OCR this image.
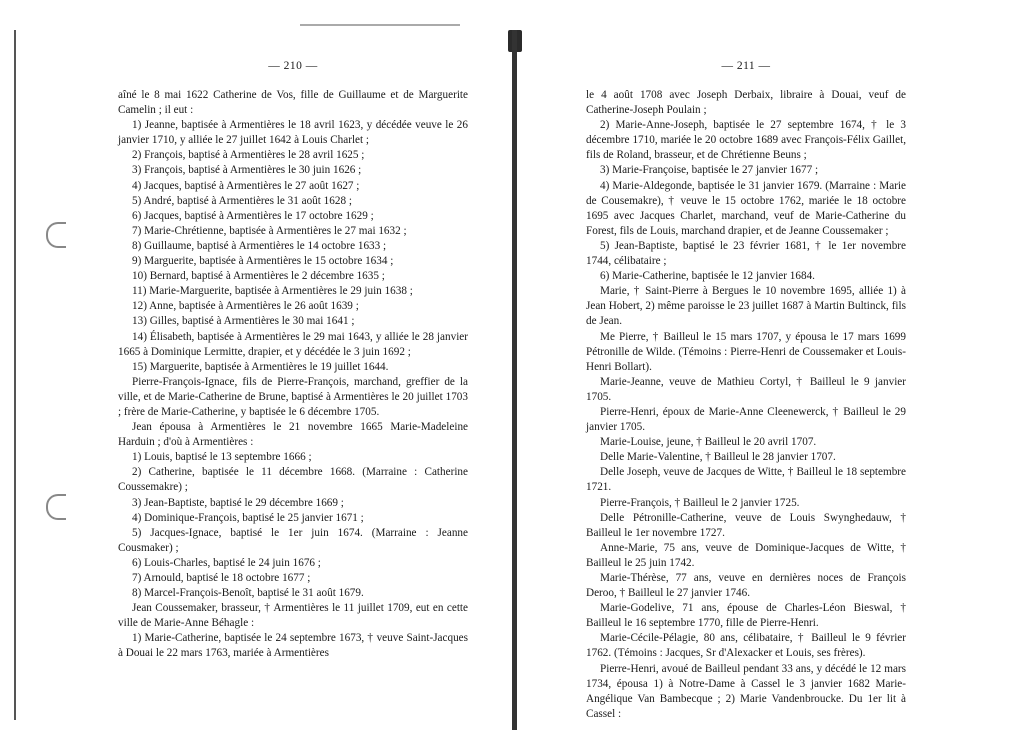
— 210 —

aîné le 8 mai 1622 Catherine de Vos, fille de Guillaume et de Marguerite Camelin ; il eut :

1) Jeanne, baptisée à Armentières le 18 avril 1623, y décédée veuve le 26 janvier 1710, y alliée le 27 juillet 1642 à Louis Charlet ;

2) François, baptisé à Armentières le 28 avril 1625 ;

3) François, baptisé à Armentières le 30 juin 1626 ;

4) Jacques, baptisé à Armentières le 27 août 1627 ;

5) André, baptisé à Armentières le 31 août 1628 ;

6) Jacques, baptisé à Armentières le 17 octobre 1629 ;

7) Marie-Chrétienne, baptisée à Armentières le 27 mai 1632 ;

8) Guillaume, baptisé à Armentières le 14 octobre 1633 ;

9) Marguerite, baptisée à Armentières le 15 octobre 1634 ;

10) Bernard, baptisé à Armentières le 2 décembre 1635 ;

11) Marie-Marguerite, baptisée à Armentières le 29 juin 1638 ;

12) Anne, baptisée à Armentières le 26 août 1639 ;

13) Gilles, baptisé à Armentières le 30 mai 1641 ;

14) Élisabeth, baptisée à Armentières le 29 mai 1643, y alliée le 28 janvier 1665 à Dominique Lermitte, drapier, et y décédée le 3 juin 1692 ;

15) Marguerite, baptisée à Armentières le 19 juillet 1644.

Pierre-François-Ignace, fils de Pierre-François, marchand, greffier de la ville, et de Marie-Catherine de Brune, baptisé à Armentières le 20 juillet 1703 ; frère de Marie-Catherine, y baptisée le 6 décembre 1705.

Jean épousa à Armentières le 21 novembre 1665 Marie-Madeleine Harduin ; d'où à Armentières :

1) Louis, baptisé le 13 septembre 1666 ;

2) Catherine, baptisée le 11 décembre 1668. (Marraine : Catherine Coussemakre) ;

3) Jean-Baptiste, baptisé le 29 décembre 1669 ;

4) Dominique-François, baptisé le 25 janvier 1671 ;

5) Jacques-Ignace, baptisé le 1er juin 1674. (Marraine : Jeanne Cousmaker) ;

6) Louis-Charles, baptisé le 24 juin 1676 ;

7) Arnould, baptisé le 18 octobre 1677 ;

8) Marcel-François-Benoît, baptisé le 31 août 1679.

Jean Coussemaker, brasseur, † Armentières le 11 juillet 1709, eut en cette ville de Marie-Anne Béhagle :

1) Marie-Catherine, baptisée le 24 septembre 1673, † veuve Saint-Jacques à Douai le 22 mars 1763, mariée à Armentières

— 211 —

le 4 août 1708 avec Joseph Derbaix, libraire à Douai, veuf de Catherine-Joseph Poulain ;

2) Marie-Anne-Joseph, baptisée le 27 septembre 1674, † le 3 décembre 1710, mariée le 20 octobre 1689 avec François-Félix Gaillet, fils de Roland, brasseur, et de Chrétienne Beuns ;

3) Marie-Françoise, baptisée le 27 janvier 1677 ;

4) Marie-Aldegonde, baptisée le 31 janvier 1679. (Marraine : Marie de Cousemakre), † veuve le 15 octobre 1762, mariée le 18 octobre 1695 avec Jacques Charlet, marchand, veuf de Marie-Catherine du Forest, fils de Louis, marchand drapier, et de Jeanne Coussemaker ;

5) Jean-Baptiste, baptisé le 23 février 1681, † le 1er novembre 1744, célibataire ;

6) Marie-Catherine, baptisée le 12 janvier 1684.

Marie, † Saint-Pierre à Bergues le 10 novembre 1695, alliée 1) à Jean Hobert, 2) même paroisse le 23 juillet 1687 à Martin Bultinck, fils de Jean.

Me Pierre, † Bailleul le 15 mars 1707, y épousa le 17 mars 1699 Pétronille de Wilde. (Témoins : Pierre-Henri de Coussemaker et Louis-Henri Bollart).

Marie-Jeanne, veuve de Mathieu Cortyl, † Bailleul le 9 janvier 1705.

Pierre-Henri, époux de Marie-Anne Cleenewerck, † Bailleul le 29 janvier 1705.

Marie-Louise, jeune, † Bailleul le 20 avril 1707.

Delle Marie-Valentine, † Bailleul le 28 janvier 1707.

Delle Joseph, veuve de Jacques de Witte, † Bailleul le 18 septembre 1721.

Pierre-François, † Bailleul le 2 janvier 1725.

Delle Pétronille-Catherine, veuve de Louis Swynghedauw, † Bailleul le 1er novembre 1727.

Anne-Marie, 75 ans, veuve de Dominique-Jacques de Witte, † Bailleul le 25 juin 1742.

Marie-Thérèse, 77 ans, veuve en dernières noces de François Deroo, † Bailleul le 27 janvier 1746.

Marie-Godelive, 71 ans, épouse de Charles-Léon Bieswal, † Bailleul le 16 septembre 1770, fille de Pierre-Henri.

Marie-Cécile-Pélagie, 80 ans, célibataire, † Bailleul le 9 février 1762. (Témoins : Jacques, Sr d'Alexacker et Louis, ses frères).

Pierre-Henri, avoué de Bailleul pendant 33 ans, y décédé le 12 mars 1734, épousa 1) à Notre-Dame à Cassel le 3 janvier 1682 Marie-Angélique Van Bambecque ; 2) Marie Vandenbroucke. Du 1er lit à Cassel :
